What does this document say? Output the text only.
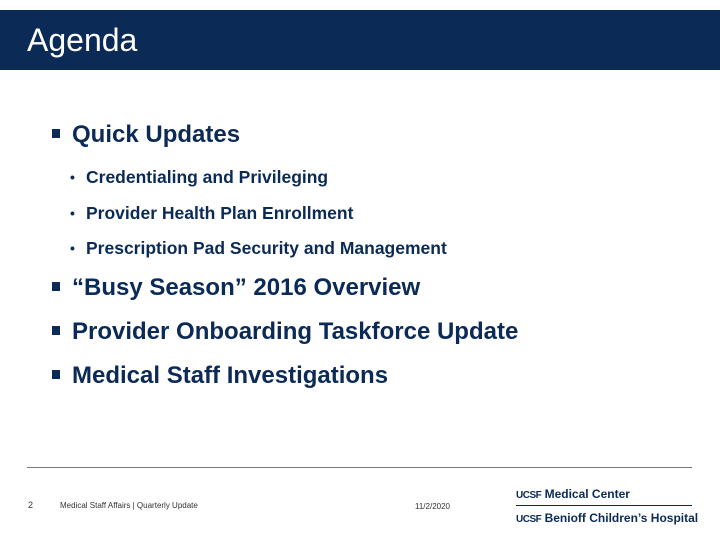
Agenda
Quick Updates
• Credentialing and Privileging
• Provider Health Plan Enrollment
• Prescription Pad Security and Management
“Busy Season” 2016 Overview
Provider Onboarding Taskforce Update
Medical Staff Investigations
2	Medical Staff Affairs | Quarterly Update	11/2/2020
UCSF Medical Center
UCSF Benioff Children’s Hospital
